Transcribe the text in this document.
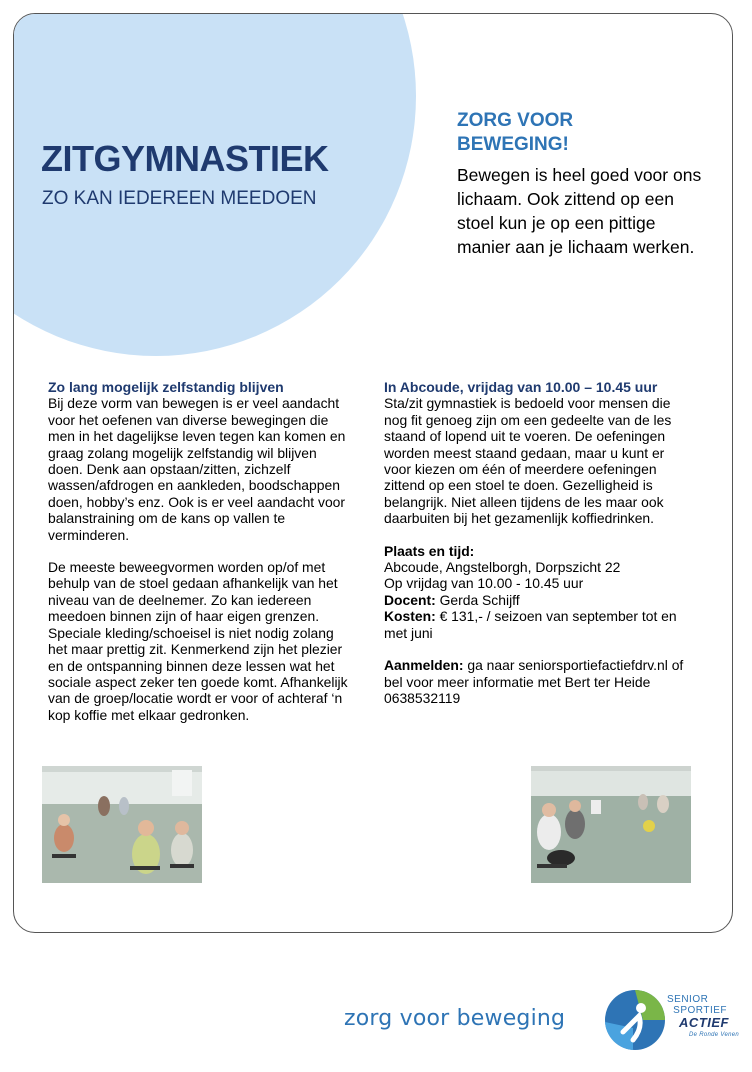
ZITGYMNASTIEK
ZO KAN IEDEREEN MEEDOEN
ZORG VOOR
BEWEGING!

Bewegen is heel goed voor ons lichaam. Ook zittend op een stoel kun je op een pittige manier aan je lichaam werken.

Zo lang mogelijk zelfstandig blijven

Bij deze vorm van bewegen is er veel aandacht voor het oefenen van diverse bewegingen die men in het dagelijkse leven tegen kan komen en graag zolang mogelijk zelfstandig wil blijven doen. Denk aan opstaan/zitten, zichzelf wassen/afdrogen en aankleden, boodschappen doen, hobby’s enz. Ook is er veel aandacht voor balanstraining om de kans op vallen te verminderen.

De meeste beweegvormen worden op/of met behulp van de stoel gedaan afhankelijk van het niveau van de deelnemer. Zo kan iedereen meedoen binnen zijn of haar eigen grenzen. Speciale kleding/schoeisel is niet nodig zolang het maar prettig zit. Kenmerkend zijn het plezier en de ontspanning binnen deze lessen wat het sociale aspect zeker ten goede komt. Afhankelijk van de groep/locatie wordt er voor of achteraf ‘n kop koffie met elkaar gedronken.

In Abcoude, vrijdag van 10.00 – 10.45 uur

Sta/zit gymnastiek is bedoeld voor mensen die nog fit genoeg zijn om een gedeelte van de les staand of lopend uit te voeren. De oefeningen worden meest staand gedaan, maar u kunt er voor kiezen om één of meerdere oefeningen zittend op een stoel te doen. Gezelligheid is belangrijk. Niet alleen tijdens de les maar ook daarbuiten bij het gezamenlijk koffiedrinken.

Plaats en tijd:

Abcoude, Angstelborgh, Dorpszicht 22

Op vrijdag van 10.00 - 10.45 uur

Docent: Gerda Schijff

Kosten: € 131,- / seizoen van september tot en met juni

Aanmelden: ga naar seniorsportiefactiefdrv.nl of bel voor meer informatie met Bert ter Heide 0638532119

zorg voor beweging
SENIOR
SPORTIEF
ACTIEF
De Ronde Venen
